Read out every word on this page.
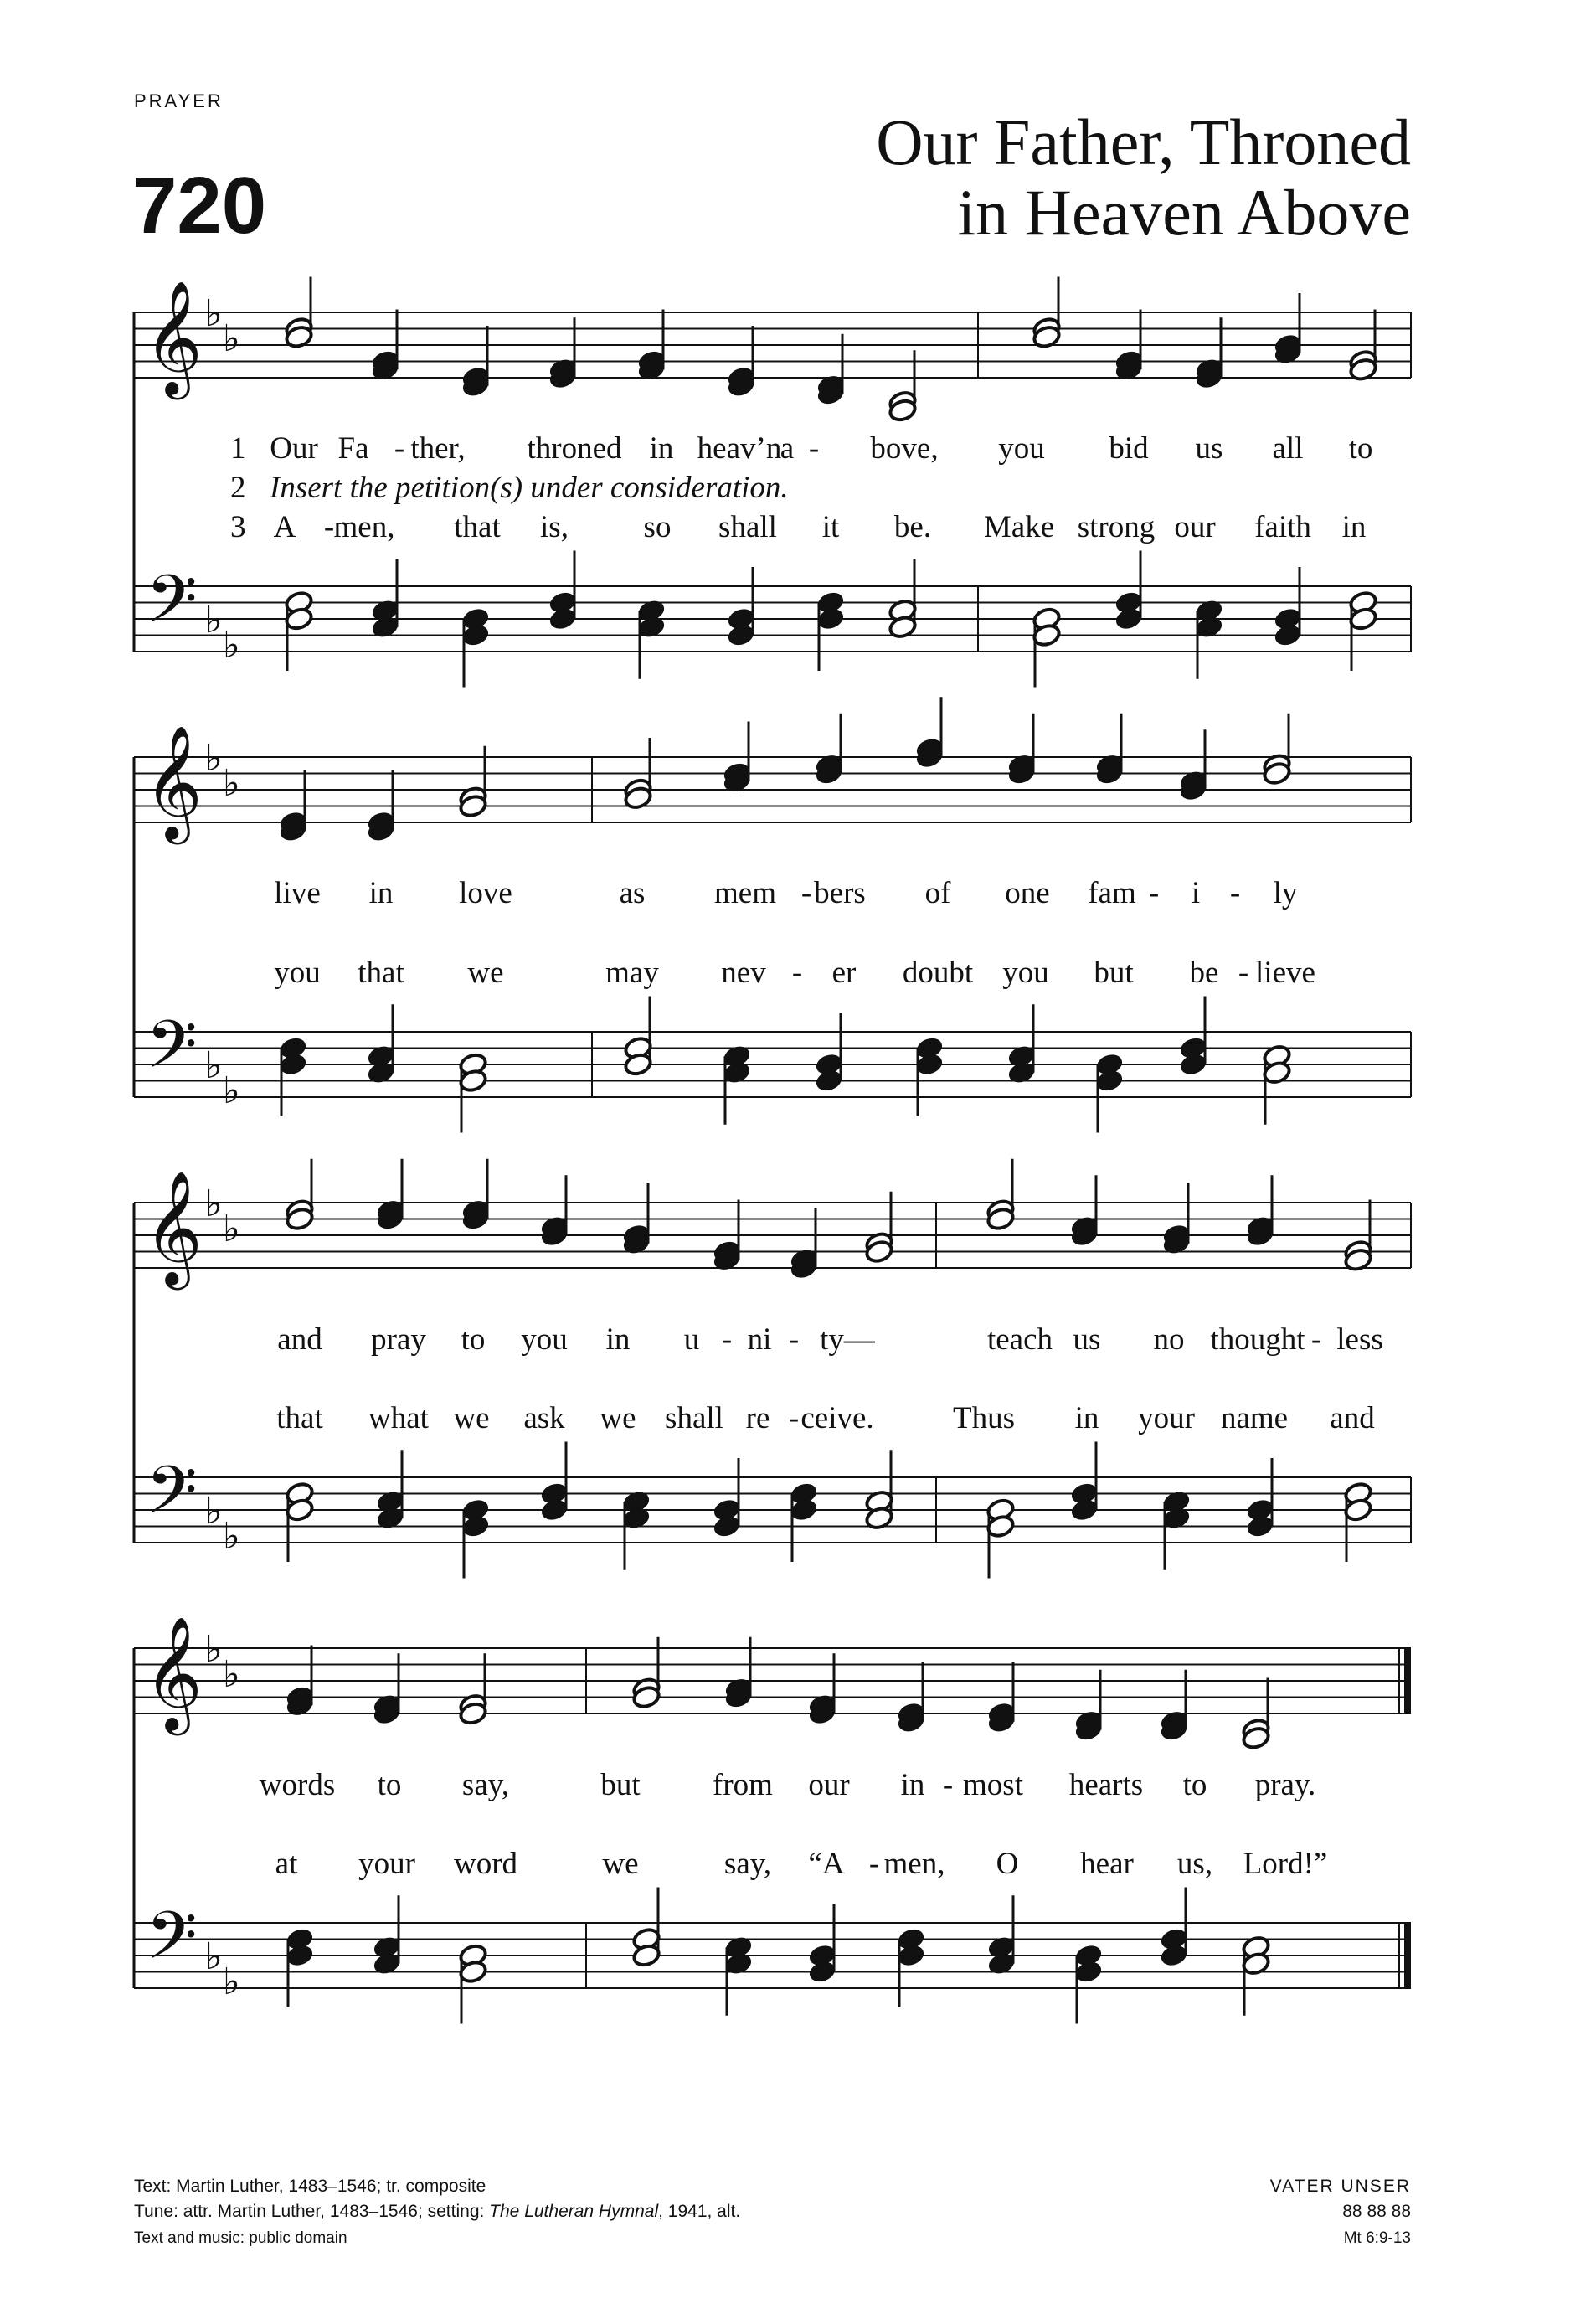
PRAYER
720
Our Father, Throned
in Heaven Above
𝄞
𝄢
♭
♭
♭
♭
𝄞
𝄢
♭
♭
♭
♭
𝄞
𝄢
♭
♭
♭
♭
𝄞
𝄢
♭
♭
♭
♭
1
2
3
Insert the petition(s) under consideration.
Our Fa - ther, throned in heav’n
a - bove, you bid us all to
A - men, that is, so shall it be. Make strong our faith in
live in love	as mem - bers of one fam - i - ly
you that we	may nev - er doubt you but be - lieve
and pray to you in u - ni - ty—	teach us no thought - less
that what we ask we shall re - ceive.	Thus in your name and
words to say,	but from our in - most hearts to pray.
at your word	we	say, “A - men, O hear us, Lord!”
Text: Martin Luther, 1483–1546; tr. composite
Tune: attr. Martin Luther, 1483–1546; setting: The Lutheran Hymnal, 1941, alt.
Text and music: public domain
VATER UNSER
88 88 88
Mt 6:9-13
